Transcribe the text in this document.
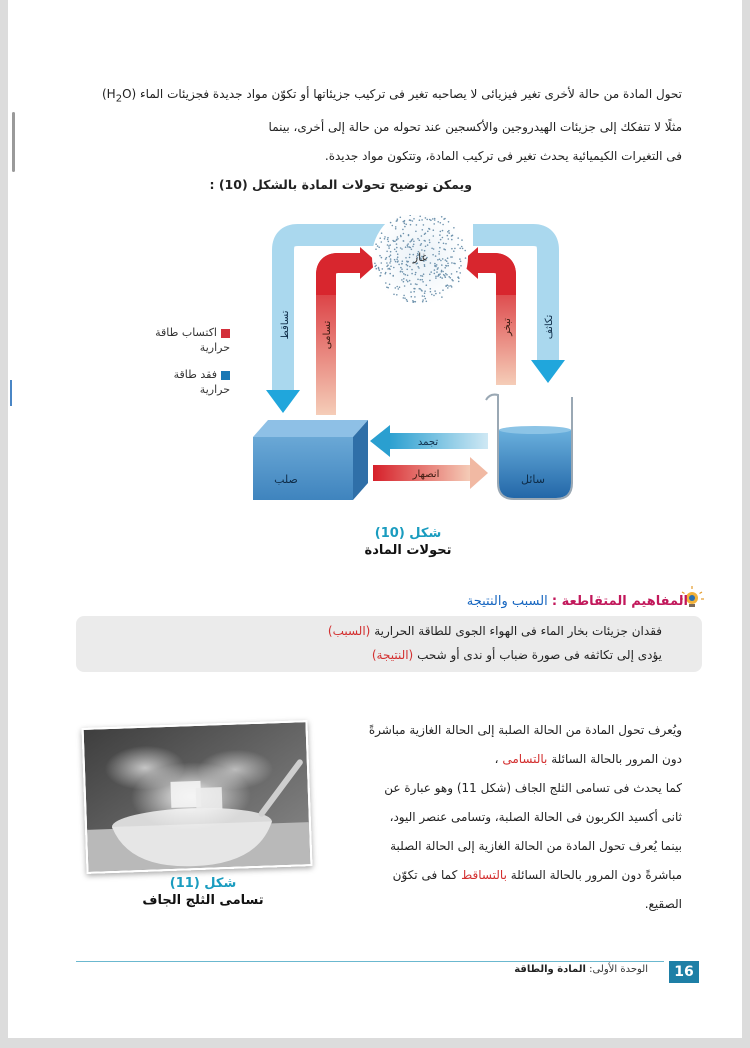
تحول المادة من حالة لأخرى تغير فيزيائى لا يصاحبه تغير فى تركيب جزيئاتها أو تكوّن مواد جديدة فجزيئات الماء $(H_2O)$
مثلًا لا تتفكك إلى جزيئات الهيدروجين والأكسجين عند تحوله من حالة إلى أخرى، بينما
فى التغيرات الكيميائية يحدث تغير فى تركيب المادة، وتتكون مواد جديدة.
ويمكن توضيح تحولات المادة بالشكل (10) :
اكتساب طاقة
حرارية
فقد طاقة
حرارية
غاز
صلب
تجمد
انصهار	سائل
تساقط	تسامى	تبخر	تكاثف
شكل (10)
تحولات المادة
المفاهيم المتقاطعة : السبب والنتيجة
فقدان جزيئات بخار الماء فى الهواء الجوى للطاقة الحرارية (السبب)
يؤدى إلى تكاثفه فى صورة ضباب أو ندى أو شحب (النتيجة)
ويُعرف تحول المادة من الحالة الصلبة إلى الحالة الغازية مباشرةً
دون المرور بالحالة السائلة بالتسامى ،
كما يحدث فى تسامى الثلج الجاف (شكل 11) وهو عبارة عن
ثانى أكسيد الكربون فى الحالة الصلبة، وتسامى عنصر اليود،
بينما يُعرف تحول المادة من الحالة الغازية إلى الحالة الصلبة
مباشرةً دون المرور بالحالة السائلة بالتساقط كما فى تكوّن
الصقيع.
شكل (11)
تسامى الثلج الجاف
الوحدة الأولى: المادة والطاقة	16
